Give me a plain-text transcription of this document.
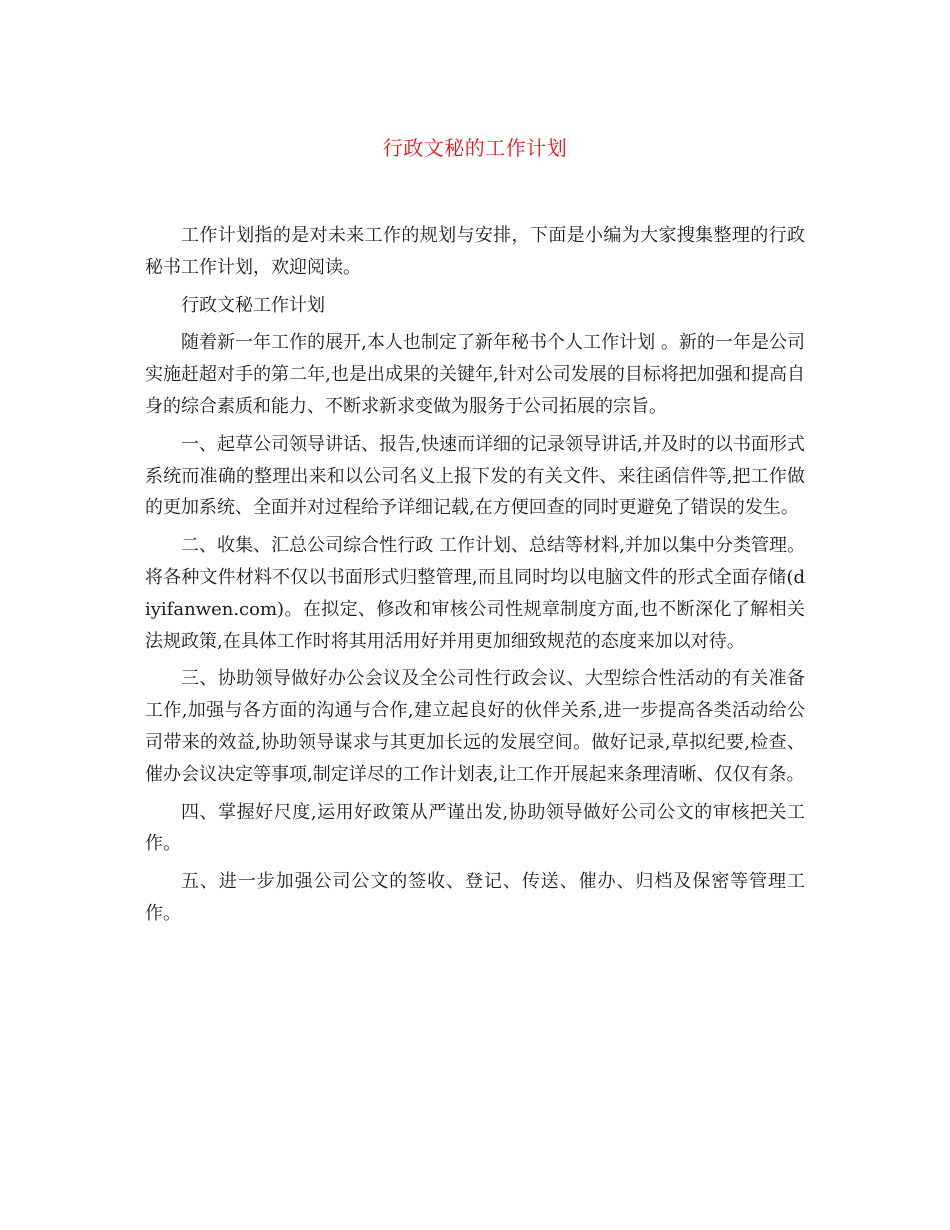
行政文秘的工作计划

工作计划指的是对未来工作的规划与安排，下面是小编为大家搜集整理的行政秘书工作计划，欢迎阅读。

行政文秘工作计划

随着新一年工作的展开,本人也制定了新年秘书个人工作计划 。新的一年是公司实施赶超对手的第二年,也是出成果的关键年,针对公司发展的目标将把加强和提高自身的综合素质和能力、不断求新求变做为服务于公司拓展的宗旨。

一、起草公司领导讲话、报告,快速而详细的记录领导讲话,并及时的以书面形式系统而准确的整理出来和以公司名义上报下发的有关文件、来往函信件等,把工作做的更加系统、全面并对过程给予详细记载,在方便回查的同时更避免了错误的发生。

二、收集、汇总公司综合性行政 工作计划、总结等材料,并加以集中分类管理。将各种文件材料不仅以书面形式归整管理,而且同时均以电脑文件的形式全面存储(diyifanwen.com)。在拟定、修改和审核公司性规章制度方面,也不断深化了解相关法规政策,在具体工作时将其用活用好并用更加细致规范的态度来加以对待。

三、协助领导做好办公会议及全公司性行政会议、大型综合性活动的有关准备工作,加强与各方面的沟通与合作,建立起良好的伙伴关系,进一步提高各类活动给公司带来的效益,协助领导谋求与其更加长远的发展空间。做好记录,草拟纪要,检查、催办会议决定等事项,制定详尽的工作计划表,让工作开展起来条理清晰、仅仅有条。

四、掌握好尺度,运用好政策从严谨出发,协助领导做好公司公文的审核把关工作。

五、进一步加强公司公文的签收、登记、传送、催办、归档及保密等管理工作。
